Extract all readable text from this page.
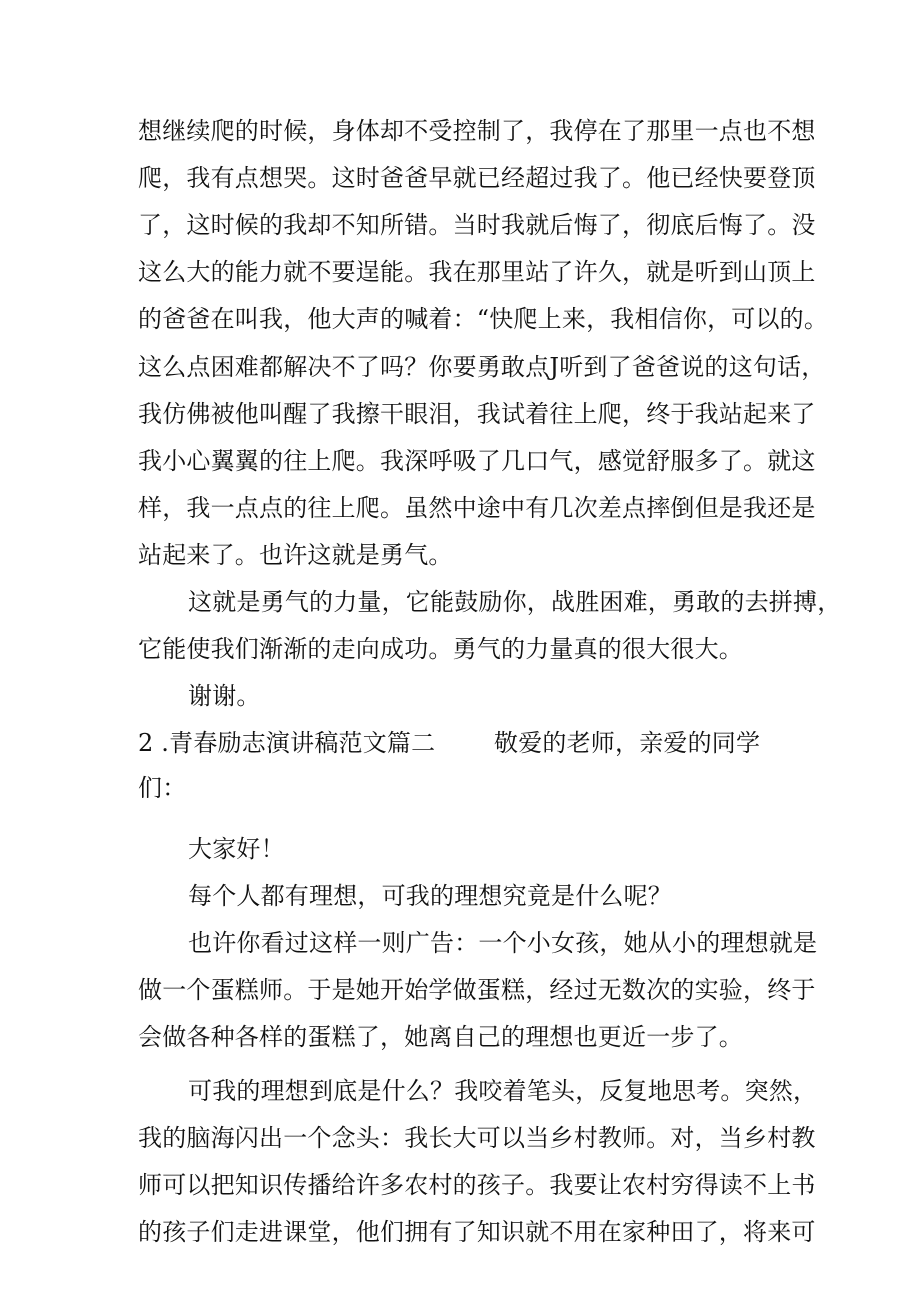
想继续爬的时候，身体却不受控制了，我停在了那里一点也不想
爬，我有点想哭。这时爸爸早就已经超过我了。他已经快要登顶
了，这时候的我却不知所错。当时我就后悔了，彻底后悔了。没
这么大的能力就不要逞能。我在那里站了许久，就是听到山顶上
的爸爸在叫我，他大声的喊着：“快爬上来，我相信你，可以的。
这么点困难都解决不了吗？你要勇敢点J听到了爸爸说的这句话，
我仿佛被他叫醒了我擦干眼泪，我试着往上爬，终于我站起来了
我小心翼翼的往上爬。我深呼吸了几口气，感觉舒服多了。就这
样，我一点点的往上爬。虽然中途中有几次差点摔倒但是我还是
站起来了。也许这就是勇气。
这就是勇气的力量，它能鼓励你，战胜困难，勇敢的去拼搏，
它能使我们渐渐的走向成功。勇气的力量真的很大很大。
谢谢。
2 .青春励志演讲稿范文篇二 敬爱的老师，亲爱的同学
们：
大家好！
每个人都有理想，可我的理想究竟是什么呢？
也许你看过这样一则广告：一个小女孩，她从小的理想就是
做一个蛋糕师。于是她开始学做蛋糕，经过无数次的实验，终于
会做各种各样的蛋糕了，她离自己的理想也更近一步了。
可我的理想到底是什么？我咬着笔头，反复地思考。突然，
我的脑海闪出一个念头：我长大可以当乡村教师。对，当乡村教
师可以把知识传播给许多农村的孩子。我要让农村穷得读不上书
的孩子们走进课堂，他们拥有了知识就不用在家种田了，将来可
